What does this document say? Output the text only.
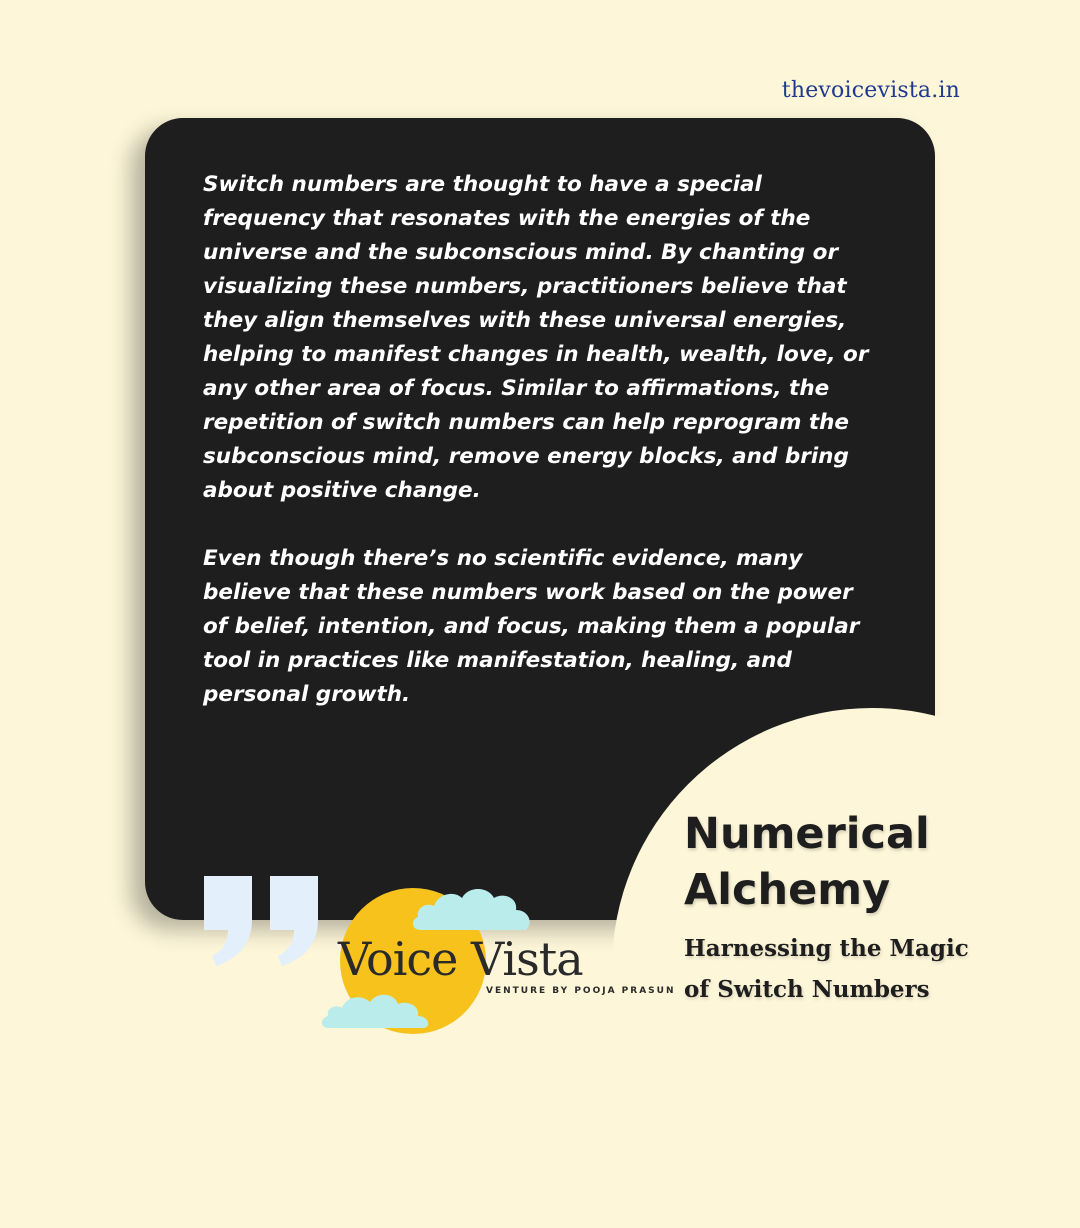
thevoicevista.in

Switch numbers are thought to have a special frequency that resonates with the energies of the universe and the subconscious mind. By chanting or visualizing these numbers, practitioners believe that they align themselves with these universal energies, helping to manifest changes in health, wealth, love, or any other area of focus. Similar to affirmations, the repetition of switch numbers can help reprogram the subconscious mind, remove energy blocks, and bring about positive change.

Even though there’s no scientific evidence, many believe that these numbers work based on the power of belief, intention, and focus, making them a popular tool in practices like manifestation, healing, and personal growth.

Numerical
Alchemy
Harnessing the Magic
of Switch Numbers
Voice Vista
VENTURE BY POOJA PRASUN
